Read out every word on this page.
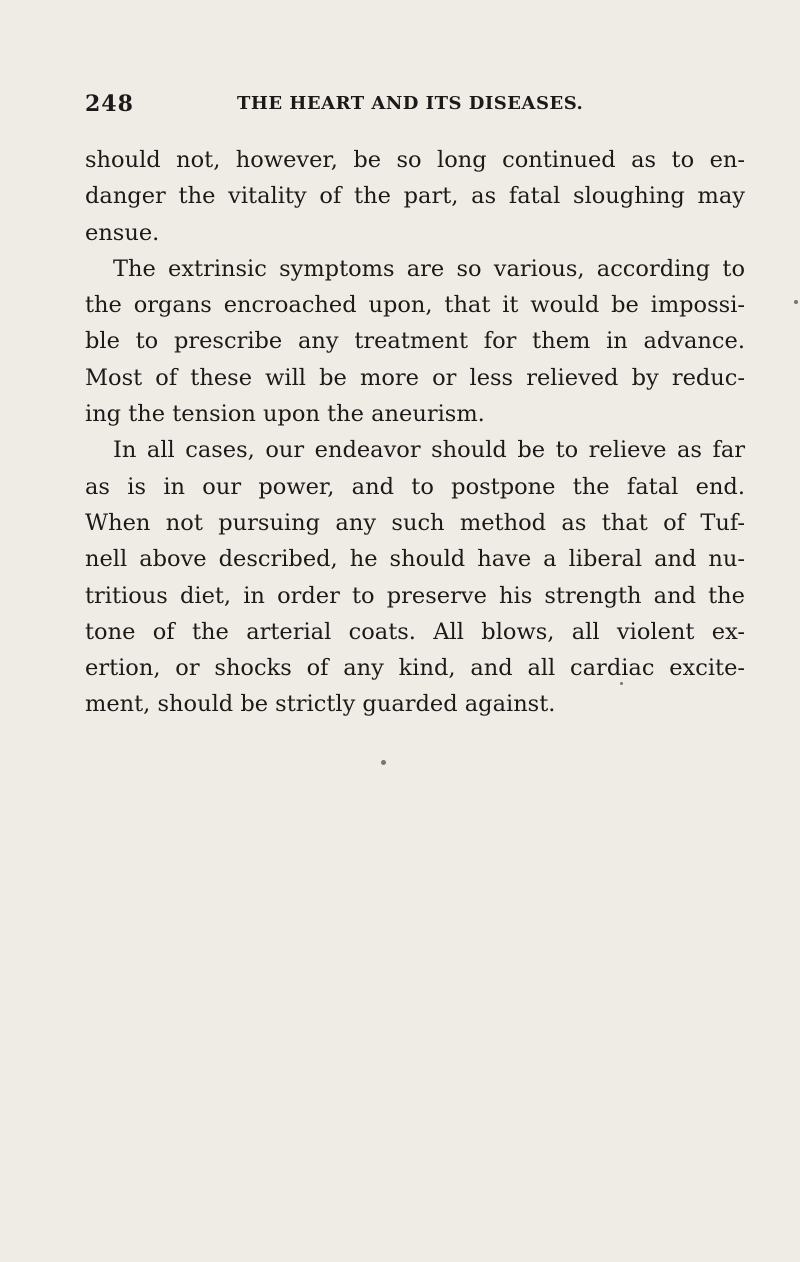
248	THE HEART AND ITS DISEASES.
should not, however, be so long continued as to en-
danger the vitality of the part, as fatal sloughing may
ensue.
The extrinsic symptoms are so various, according to
the organs encroached upon, that it would be impossi-
ble to prescribe any treatment for them in advance.
Most of these will be more or less relieved by reduc-
ing the tension upon the aneurism.
In all cases, our endeavor should be to relieve as far
as is in our power, and to postpone the fatal end.
When not pursuing any such method as that of Tuf-
nell above described, he should have a liberal and nu-
tritious diet, in order to preserve his strength and the
tone of the arterial coats. All blows, all violent ex-
ertion, or shocks of any kind, and all cardiac excite-
ment, should be strictly guarded against.
